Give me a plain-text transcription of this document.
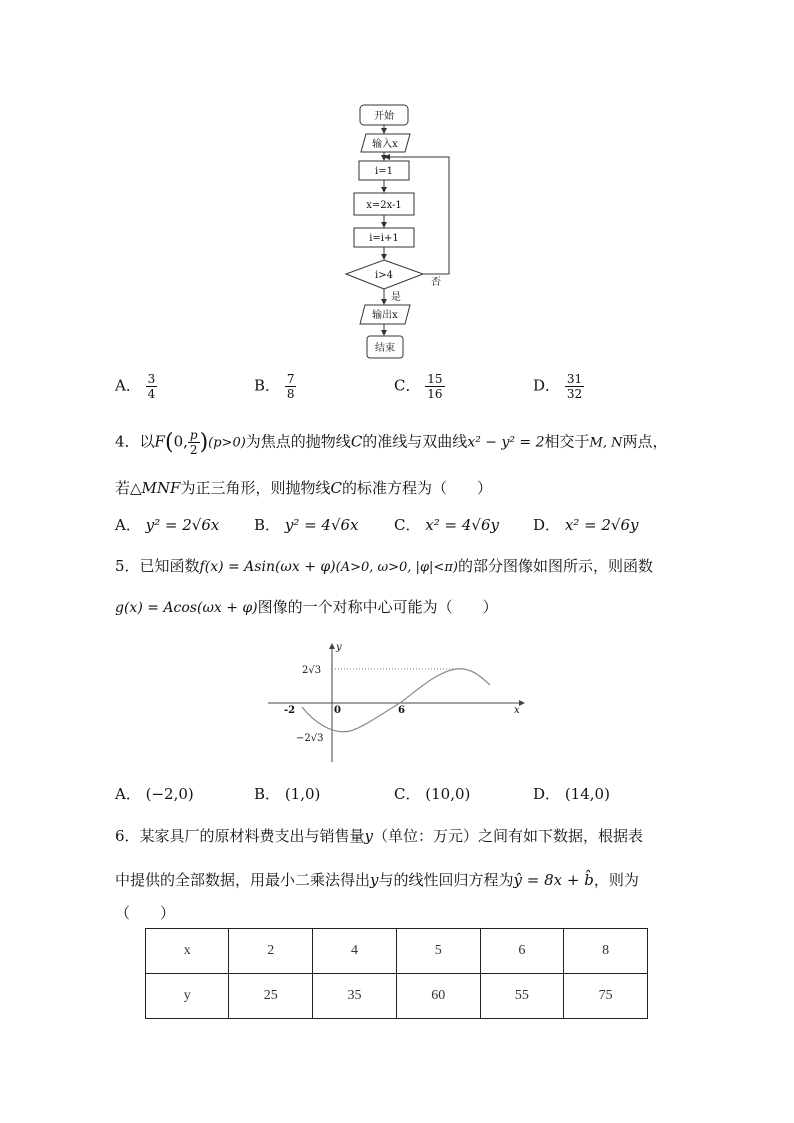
开始
输入x
i=1
x=2x-1
i=i+1
i>4
否
是
输出x
结束
A． $\frac{3}{4}$	B． $\frac{7}{8}$	C． $\frac{15}{16}$	D． $\frac{31}{32}$
4．以F(0, $\frac{p}{2} )(p>0)$为焦点的抛物线C的准线与双曲线x² − y² = 2相交于M, N两点，
若△MNF为正三角形，则抛物线C的标准方程为（　　）
A． y² = 2√6x B． y² = 4√6x C． x² = 4√6y D． x² = 2√6y
5．已知函数f(x) = Asin(ωx + φ)(A>0, ω>0, |φ|<π)的部分图像如图所示，则函数
g(x) = Acos(ωx + φ)图像的一个对称中心可能为（　　）
x
y
-2	0	6
2√3
−2√3
A． (−2,0)	B． (1,0)	C． (10,0)	D． (14,0)
6．某家具厂的原材料费支出与销售量y（单位：万元）之间有如下数据，根据表
中提供的全部数据，用最小二乘法得出y与的线性回归方程为ŷ = 8x + b̂，则为
（　　）
x	2	4	5	6	8
y	25	35	60	55	75
